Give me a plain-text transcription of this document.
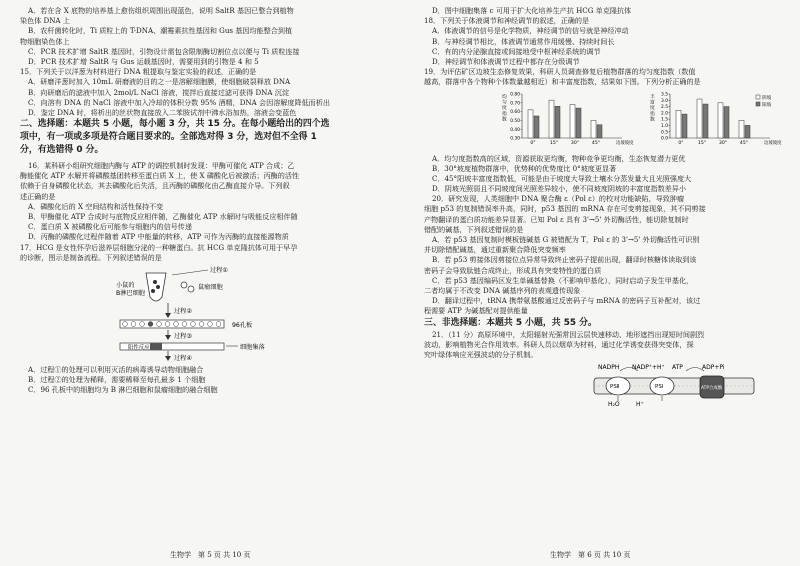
A．若在含 X 底物的培养基上愈伤组织周围出现蓝色，说明 SaltR 基因已整合到植物
染色体 DNA 上
B．农杆菌转化时，Ti 质粒上的 T-DNA、潮霉素抗性基因和 Gus 基因均能整合到植
物细胞染色体上
C．PCR 技术扩增 SaltR 基因时，引物设计需包含限制酶切割位点以便与 Ti 质粒连接
D．PCR 技术扩增 SaltR 与 Gus 运载基因时，需要用到的引物是 4 和 5
15．下列关于以洋葱为材料进行 DNA 粗提取与鉴定实验的叙述，正确的是
A．研磨洋葱时加入 10mL 研磨液的目的之一是溶解细胞膜，使细胞破裂释放 DNA
B．向研磨后的滤液中加入 2mol/L NaCl 溶液，搅拌后直接过滤可获得 DNA 沉淀
C．向溶有 DNA 的 NaCl 溶液中加入冷却的体积分数 95% 酒精，DNA 会因溶解度降低而析出
D．鉴定 DNA 时，将析出的丝状物直接放入二苯胺试剂中沸水浴加热，溶液会变蓝色
二、选择题：本题共 5 小题，每小题 3 分，共 15 分。在每小题给出的四个选
项中，有一项或多项是符合题目要求的。全部选对得 3 分，选对但不全得 1
分，有选错得 0 分。
16．某科研小组研究细胞内酶与 ATP 的调控机制时发现：甲酶可催化 ATP 合成；乙
酶能催化 ATP 水解并将磷酸基团转移至蛋白质 X 上，使 X 磷酸化后被激活；丙酶的活性
依赖于自身磷酸化状态，其去磷酸化后失活，且丙酶的磷酸化由乙酶直接介导。下列叙
述正确的是
A．磷酸化后的 X 空间结构和活性保持不变
B．甲酶催化 ATP 合成时与底物反应相伴随，乙酶催化 ATP 水解时与吸能反应相伴随
C．蛋白质 X 被磷酸化后可能参与细胞内的信号传递
D．丙酶的磷酸化过程伴随着 ATP 中能量的转移，ATP 可作为丙酶的直接能源物质
17．HCG 是女性怀孕后滋养层细胞分泌的一种糖蛋白。抗 HCG 单克隆抗体可用于早孕
的诊断，图示是制备流程。下列叙述错误的是
小鼠的
B淋巴细胞
鼠瘤细胞
过程①
过程②
96孔板
过程③
阳性反应	细胞集落
过程④
A．过程①的处理可以利用灭活的病毒诱导动物细胞融合
B．过程②的处理为稀释，需要稀释至每孔最多 1 个细胞
C．96 孔板中的细胞均为 B 淋巴细胞和鼠瘤细胞的融合细胞
生物学　第 5 页 共 10 页
D．图中细胞集落 c 可用于扩大化培养生产抗 HCG 单克隆抗体
18．下列关于体液调节和神经调节的叙述，正确的是
A．体液调节的信号是化学物质，神经调节的信号就是神经冲动
B．与神经调节相比，体液调节通常作用缓慢、持续时间长
C．有的内分泌腺直接或间接地受中枢神经系统的调节
D．神经调节和体液调节过程中都存在分级调节
19．为评估矿区边坡生态修复效果，科研人员调查修复后植物群落的均匀度指数（数值
越高，群落中各个物种个体数量越相近）和丰富度指数，结果如下图。下列分析正确的是
均匀度指数
0.30
0.40
0.50
0.60
0.70
0.80
0°	15°	30°	45°	边坡坡度
丰富度指数
0.0
0.5
1.0
1.5
2.0
2.5
3.0
3.5
0°	15°	30°	45°	边坡坡度
阴坡
阳坡
A．均匀度指数高的区域，资源获取更均衡，物种竞争更均衡，生态恢复潜力更优
B．30°坡度植物群落中，优势种的优势度比 0°坡度更显著
C．45°阳坡丰富度指数低，可能是由于坡度大导致土壤水分蒸发量大且光照强度大
D．阴坡光照弱且不同坡度间光照差异较小，使不同坡度阴坡的丰富度指数差异小
20．研究发现，人类细胞中 DNA 聚合酶 ε（Pol ε）的校对功能缺陷，导致肿瘤
细胞 p53 的复制错误率升高，同时，p53 基因的 mRNA 存在可变剪接现象，其不同剪接
产物翻译的蛋白质功能差异显著。已知 Pol ε 具有 3'→5' 外切酶活性，能切除复制时
错配的碱基，下列叙述错误的是
A．若 p53 基因复制时模板链碱基 G 被错配为 T，Pol ε 的 3'→5' 外切酶活性可识别
并切除错配碱基，通过重新聚合降低突变频率
B．若 p53 剪接体因剪接位点异常导致终止密码子提前出现，翻译时核糖体读取到该
密码子会导致肽链合成终止，形成具有突变特性的蛋白质
C．若 p53 基因编码区发生单碱基替换（不影响甲基化），同时启动子发生甲基化，
二者均属于不改变 DNA 碱基序列的表观遗传现象
D．翻译过程中，tRNA 携带氨基酸通过反密码子与 mRNA 的密码子互补配对，该过
程需要 ATP 为碱基配对提供能量
三、非选择题：本题共 5 小题，共 55 分。
21．（11 分）高原环境中，太阳辐射光强常因云层快速移动、地形遮挡出现短时间剧烈
波动，影响植物光合作用效率。科研人员以烟草为材料，通过化学诱变获得突变体，探
究叶绿体响应光强波动的分子机制。
NADPH NADP⁺+H⁺ ATP	ADP+Pi
PSⅡ	PSⅠ	ATP合成酶
H⁺
H₂O
生物学　第 6 页 共 10 页
